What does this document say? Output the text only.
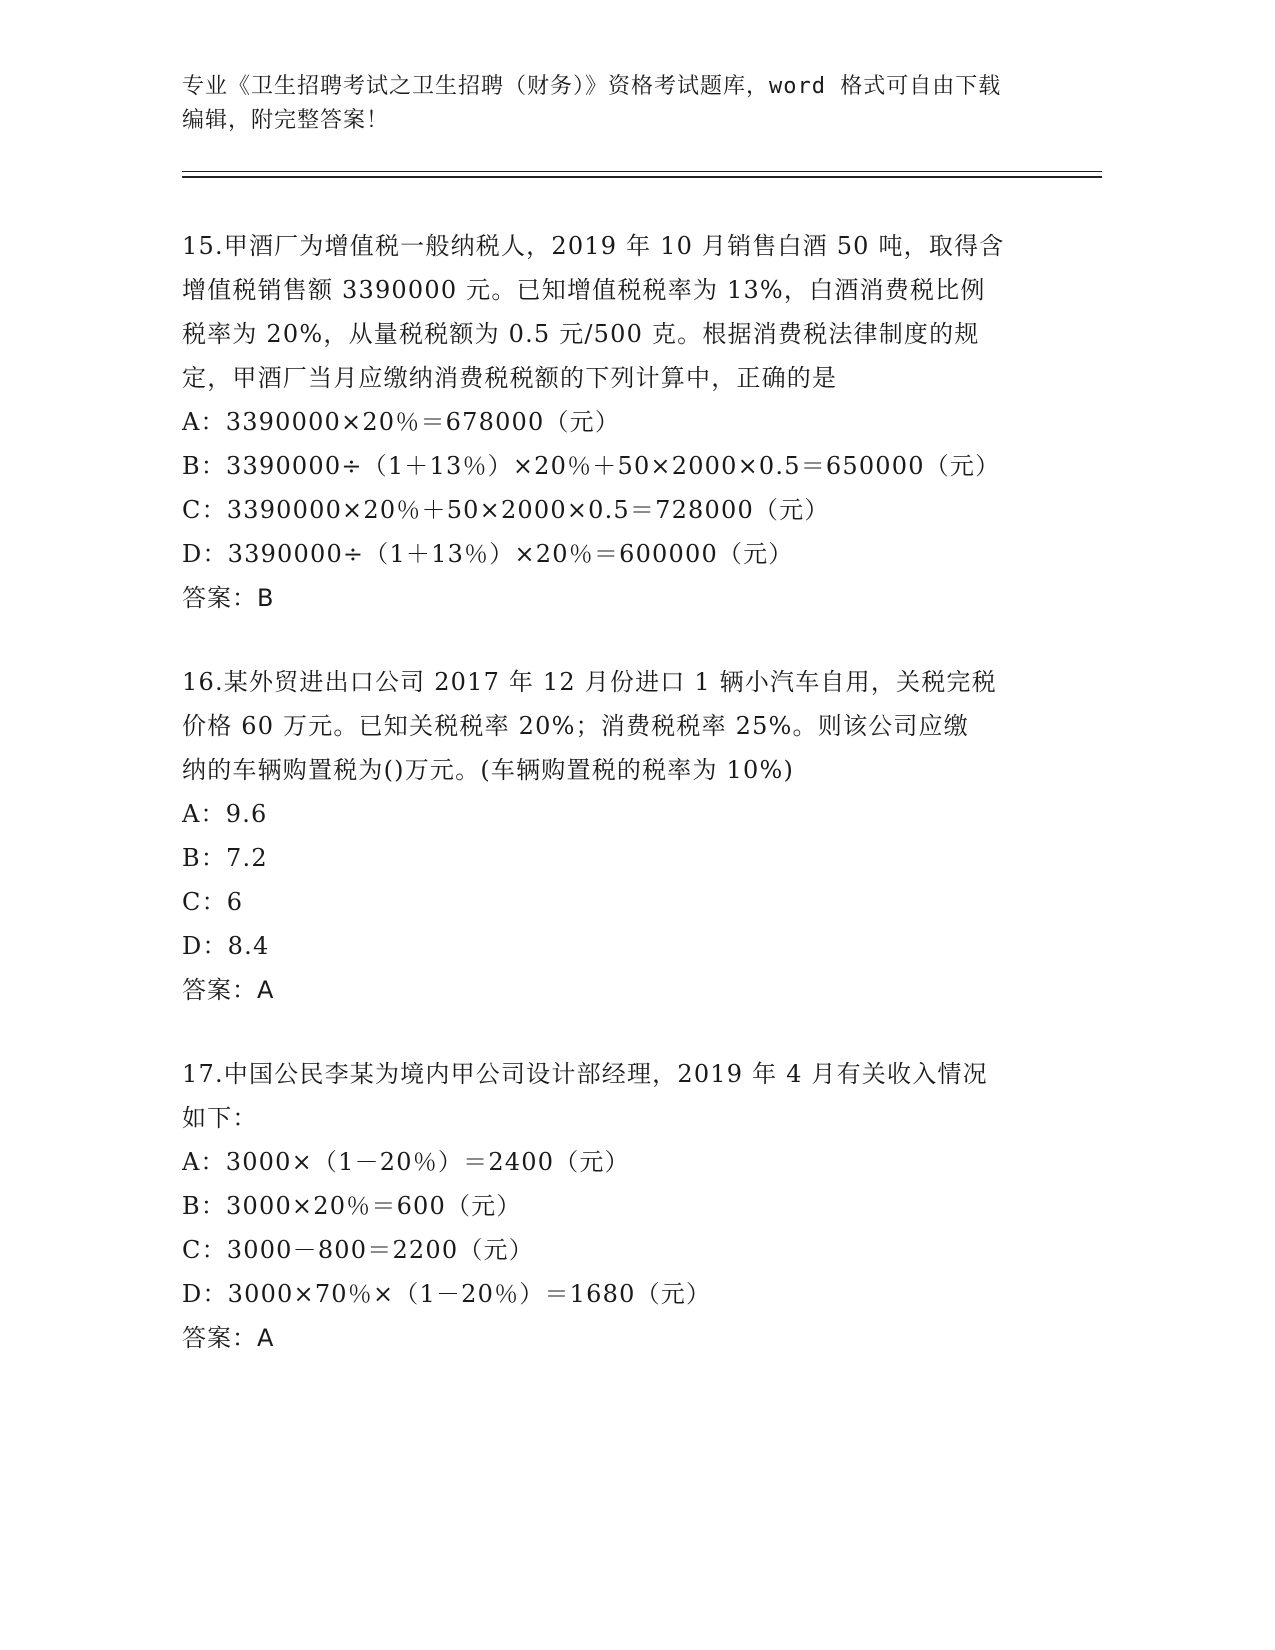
专业《卫生招聘考试之卫生招聘（财务）》资格考试题库，word 格式可自由下载
编辑，附完整答案！

15.甲酒厂为增值税一般纳税人，2019 年 10 月销售白酒 50 吨，取得含

增值税销售额 3390000 元。已知增值税税率为 13%，白酒消费税比例

税率为 20%，从量税税额为 0.5 元/500 克。根据消费税法律制度的规

定，甲酒厂当月应缴纳消费税税额的下列计算中，正确的是

A：3390000×20％＝678000（元）

B：3390000÷（1＋13％）×20％＋50×2000×0.5＝650000（元）

C：3390000×20％＋50×2000×0.5＝728000（元）

D：3390000÷（1＋13％）×20％＝600000（元）

答案：B

16.某外贸进出口公司 2017 年 12 月份进口 1 辆小汽车自用，关税完税

价格 60 万元。已知关税税率 20%；消费税税率 25%。则该公司应缴

纳的车辆购置税为()万元。(车辆购置税的税率为 10%)

A：9.6

B：7.2

C：6

D：8.4

答案：A

17.中国公民李某为境内甲公司设计部经理，2019 年 4 月有关收入情况

如下：

A：3000×（1－20％）＝2400（元）

B：3000×20％＝600（元）

C：3000－800＝2200（元）

D：3000×70％×（1－20％）＝1680（元）

答案：A
